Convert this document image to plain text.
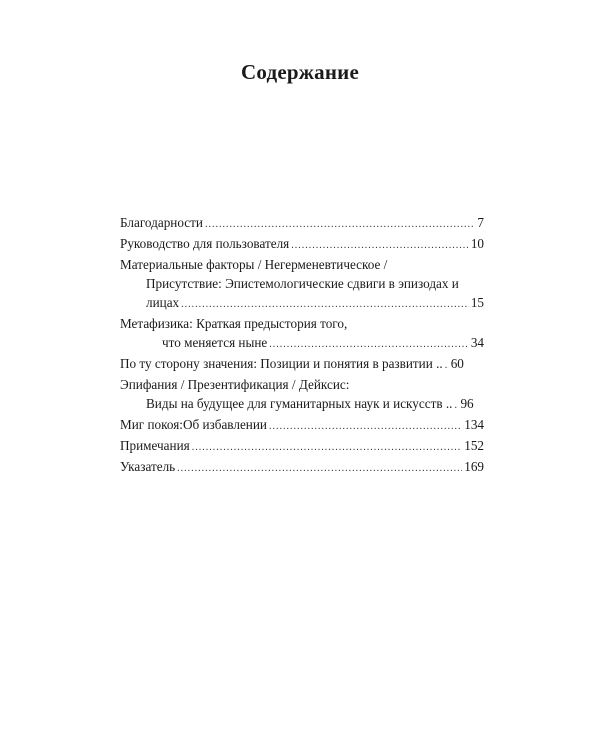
Содержание
Благодарности .....	7
Руководство для пользователя .....	10
Материальные факторы / Негерменевтическое /
Присутствие: Эпистемологические сдвиги в эпизодах и
лицах .....	15
Метафизика: Краткая предыстория того,
что меняется ныне .....	34
По ту сторону значения: Позиции и понятия в развитии .. ..... 60
Эпифания / Презентификация / Дейксис:
Виды на будущее для гуманитарных наук и искусств .. ..... 96
Миг покоя:Об избавлении .....	134
Примечания .....	152
Указатель .....	169
